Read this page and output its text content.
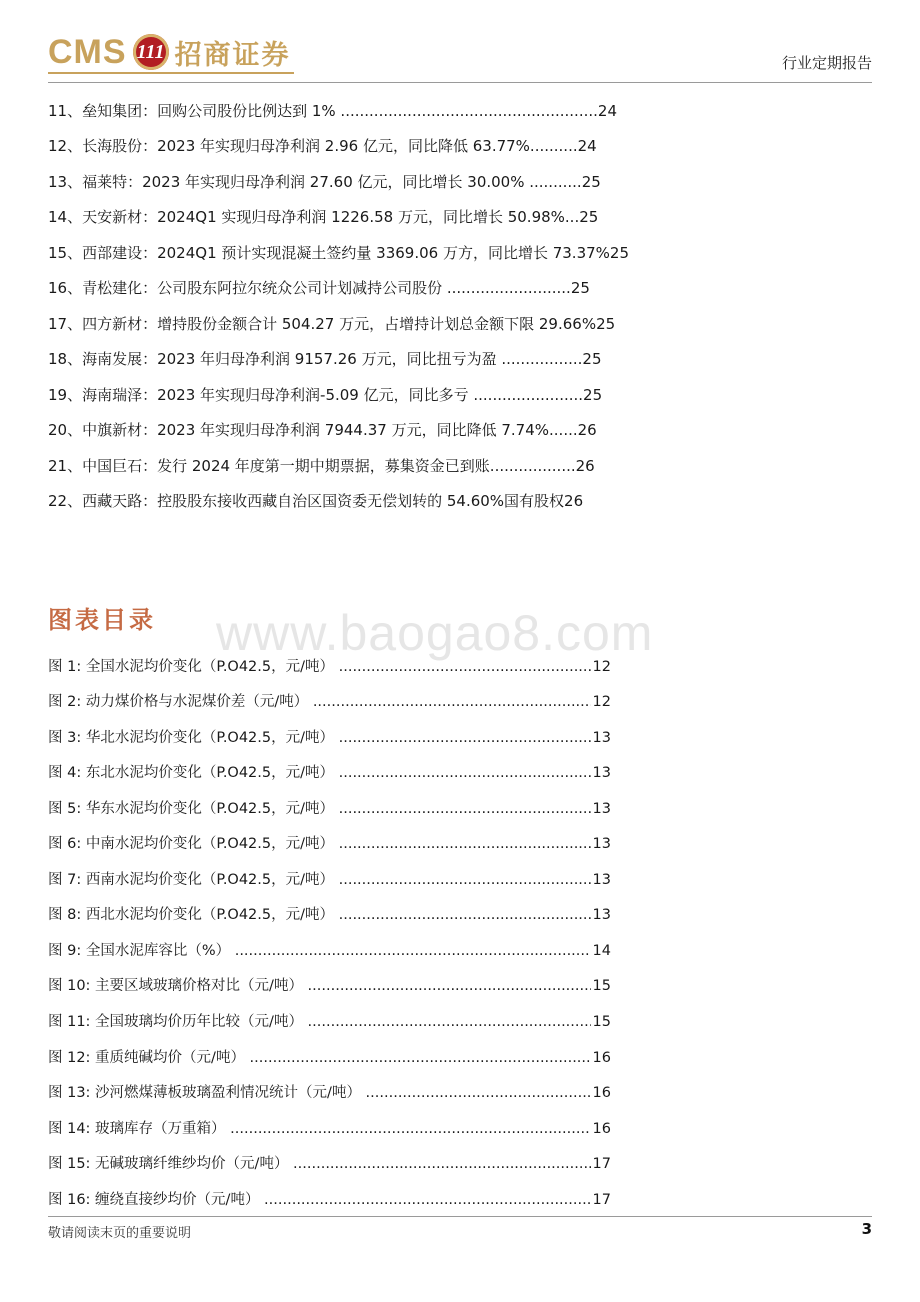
CMS 111 招商证券	行业定期报告
11、垒知集团：回购公司股份比例达到 1% ......................................................24
12、长海股份：2023 年实现归母净利润 2.96 亿元，同比降低 63.77%..........24
13、福莱特：2023 年实现归母净利润 27.60 亿元，同比增长 30.00% ...........25
14、天安新材：2024Q1 实现归母净利润 1226.58 万元，同比增长 50.98%...25
15、西部建设：2024Q1 预计实现混凝土签约量 3369.06 万方，同比增长 73.37%25
16、青松建化：公司股东阿拉尔统众公司计划减持公司股份 ..........................25
17、四方新材：增持股份金额合计 504.27 万元，占增持计划总金额下限 29.66%25
18、海南发展：2023 年归母净利润 9157.26 万元，同比扭亏为盈 .................25
19、海南瑞泽：2023 年实现归母净利润-5.09 亿元，同比多亏 .......................25
20、中旗新材：2023 年实现归母净利润 7944.37 万元，同比降低 7.74%......26
21、中国巨石：发行 2024 年度第一期中期票据，募集资金已到账..................26
22、西藏天路：控股股东接收西藏自治区国资委无偿划转的 54.60%国有股权26
图表目录 www.baogao8.com
图 1: 全国水泥均价变化（P.O42.5，元/吨） .....	12
图 2: 动力煤价格与水泥煤价差（元/吨） .....	12
图 3: 华北水泥均价变化（P.O42.5，元/吨） .....	13
图 4: 东北水泥均价变化（P.O42.5，元/吨） .....	13
图 5: 华东水泥均价变化（P.O42.5，元/吨） .....	13
图 6: 中南水泥均价变化（P.O42.5，元/吨） .....	13
图 7: 西南水泥均价变化（P.O42.5，元/吨） .....	13
图 8: 西北水泥均价变化（P.O42.5，元/吨） .....	13
图 9: 全国水泥库容比（%） .....	14
图 10: 主要区域玻璃价格对比（元/吨） .....	15
图 11: 全国玻璃均价历年比较（元/吨） .....	15
图 12: 重质纯碱均价（元/吨） .....	16
图 13: 沙河燃煤薄板玻璃盈利情况统计（元/吨） .....	16
图 14: 玻璃库存（万重箱） .....	16
图 15: 无碱玻璃纤维纱均价（元/吨） .....	17
图 16: 缠绕直接纱均价（元/吨） .....	17
敬请阅读末页的重要说明	3
